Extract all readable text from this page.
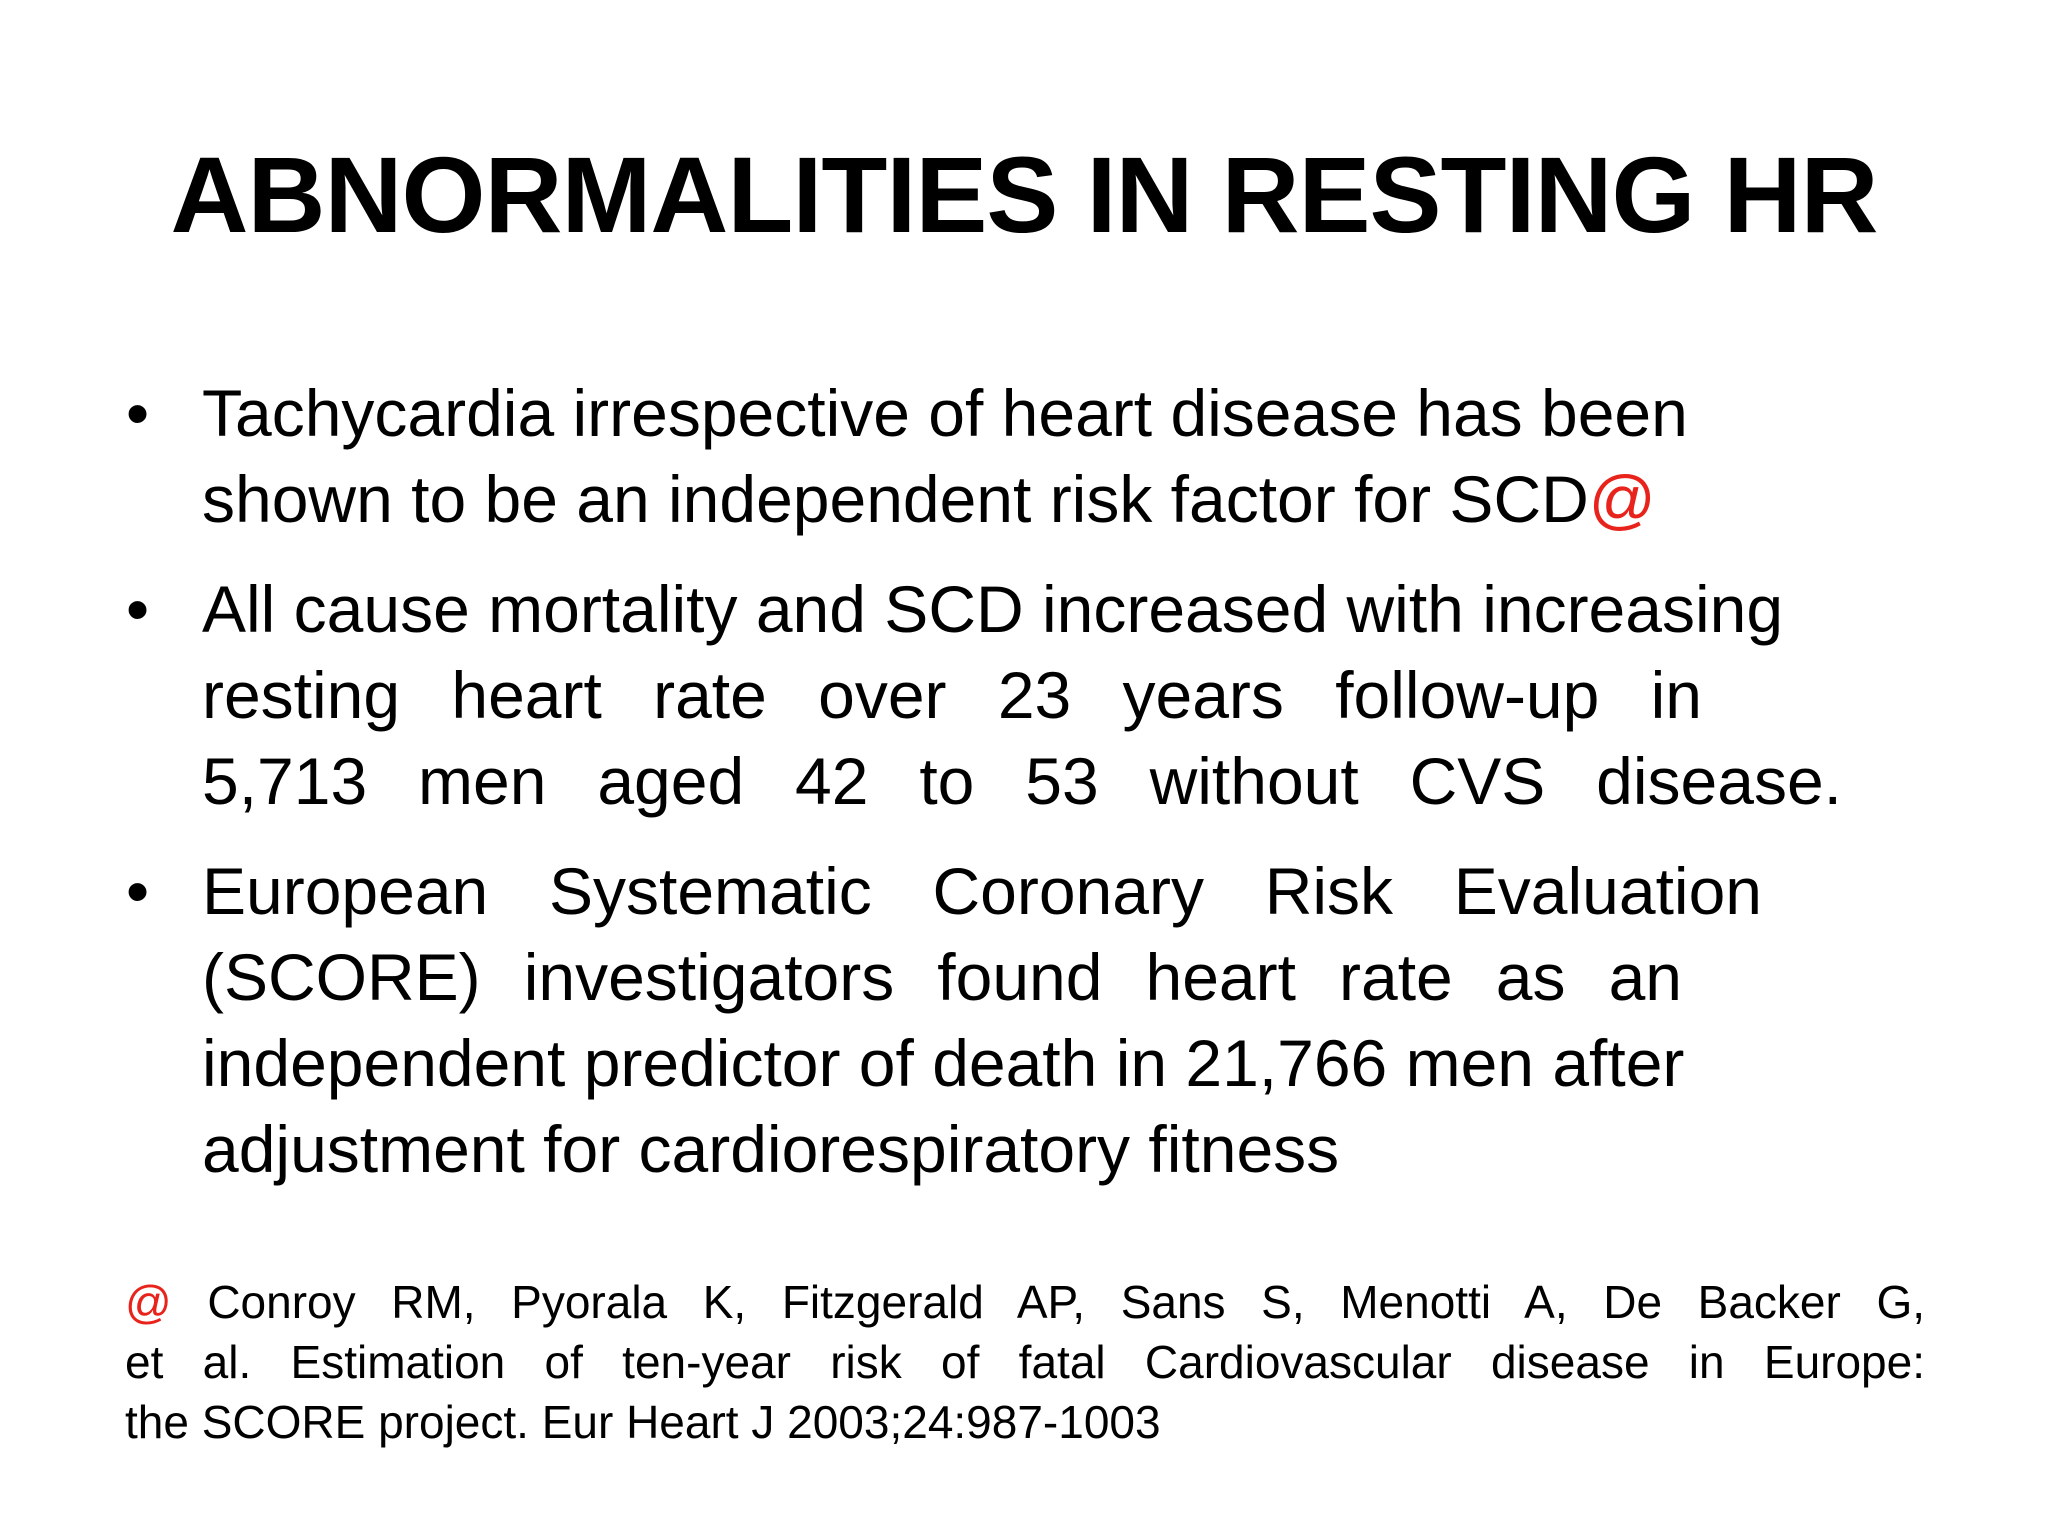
ABNORMALITIES IN RESTING HR
• Tachycardia irrespective of heart disease has been
shown to be an independent risk factor for SCD@
• All cause mortality and SCD increased with increasing
resting heart rate over 23 years follow-up in
5,713 men aged 42 to 53 without CVS disease.
• European Systematic Coronary Risk Evaluation
(SCORE) investigators found heart rate as an
independent predictor of death in 21,766 men after
adjustment for cardiorespiratory fitness
@ Conroy RM, Pyorala K, Fitzgerald AP, Sans S, Menotti A, De Backer G,
et al. Estimation of ten-year risk of fatal Cardiovascular disease in Europe:
the SCORE project. Eur Heart J 2003;24:987-1003
